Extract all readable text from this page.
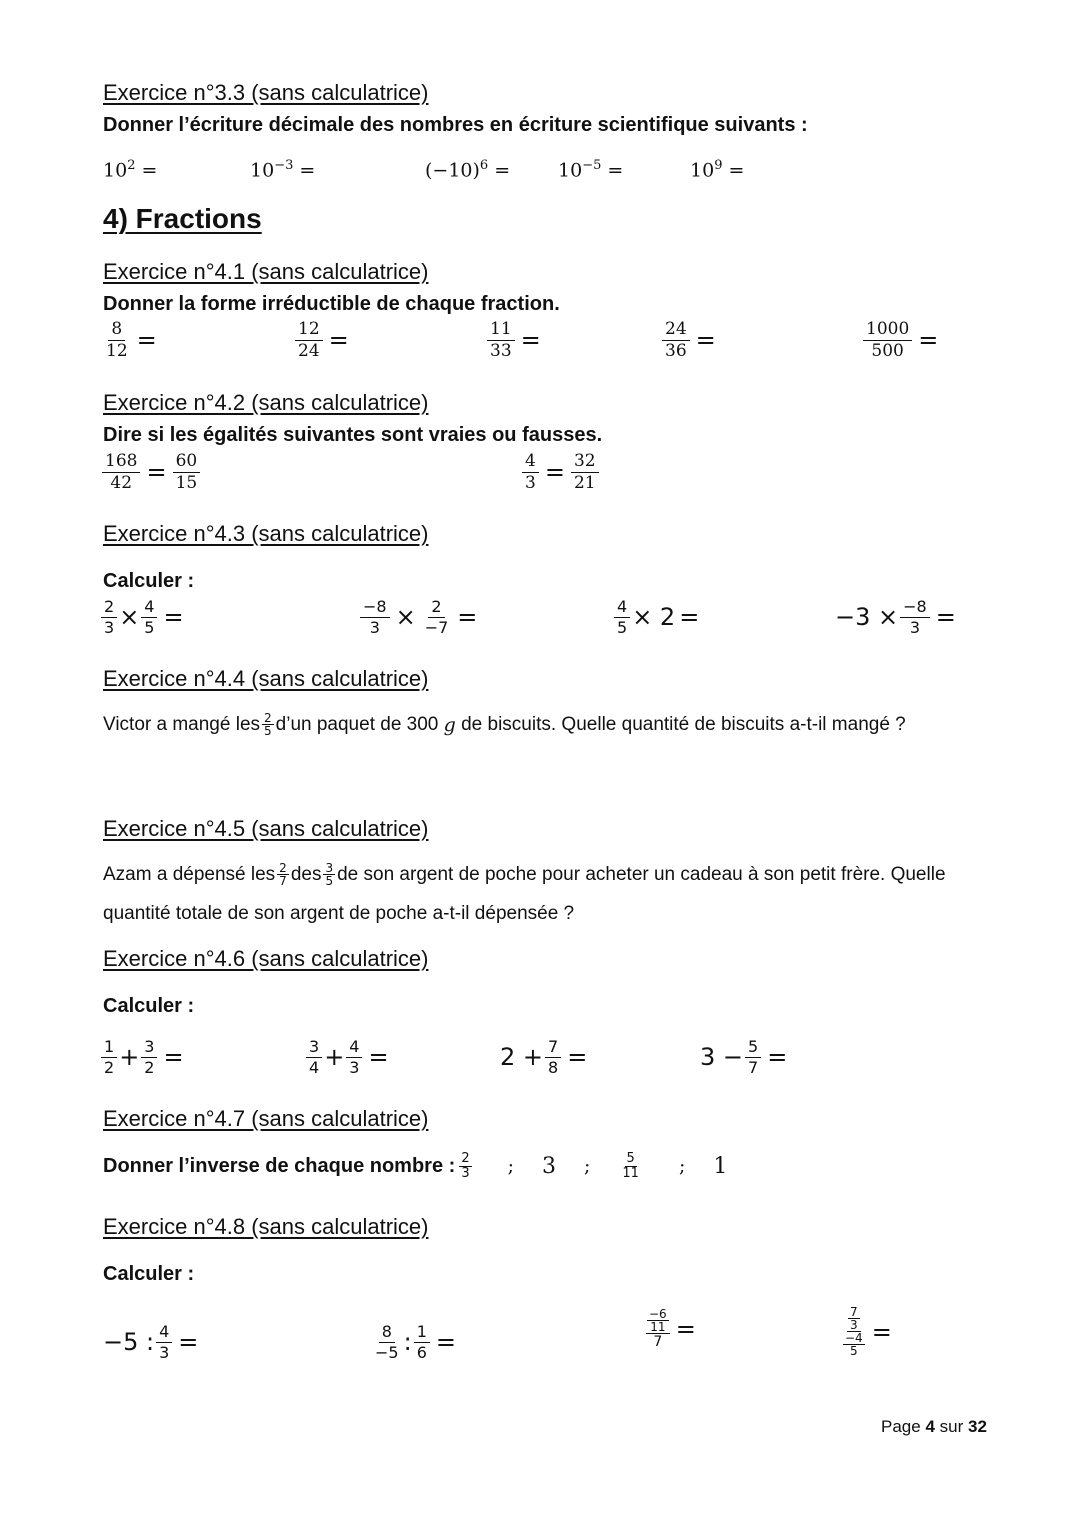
Exercice n°3.3 (sans calculatrice)
Donner l’écriture décimale des nombres en écriture scientifique suivants :
$10^2$ =	$10^{-3}$ =	$(-10)^6$ =	$10^{-5}$ =	$10^9$ =
4) Fractions
Exercice n°4.1 (sans calculatrice)
Donner la forme irréductible de chaque fraction.
$\frac{8}{12}$ =	$\frac{12}{24}$ =	$\frac{11}{33}$ =	$\frac{24}{36}$ =	$\frac{1000}{500}$ =
Exercice n°4.2 (sans calculatrice)
Dire si les égalités suivantes sont vraies ou fausses.
$\frac{168}{42} = \frac{60}{15}$	$\frac{4}{3} = \frac{32}{21}$
Exercice n°4.3 (sans calculatrice)
Calculer :
$\frac{2}{3} \times \frac{4}{5}$ =	$\frac{-8}{3} \times \frac{2}{-7}$ =	$\frac{4}{5} \times 2$ =	$-3 \times \frac{-8}{3}$ =
Exercice n°4.4 (sans calculatrice)
Victor a mangé les $\frac{2}{5}$ d’un paquet de 300
g
de biscuits. Quelle quantité de biscuits a-t-il mangé ?
Exercice n°4.5 (sans calculatrice)
Azam a dépensé les $\frac{2}{7}$ des $\frac{3}{5}$ de son argent de poche pour acheter un cadeau à son petit frère. Quelle
quantité totale de son argent de poche a-t-il dépensée ?
Exercice n°4.6 (sans calculatrice)
Calculer :
$\frac{1}{2} + \frac{3}{2}$ =	$\frac{3}{4} + \frac{4}{3}$ =	$2 + \frac{7}{8}$ =	$3 - \frac{5}{7}$ =
Exercice n°4.7 (sans calculatrice)
Donner l’inverse de chaque nombre : $\frac{2}{3}$ ; 3 ; $\frac{5}{11}$ ; 1
Exercice n°4.8 (sans calculatrice)
Calculer :
−5 : $\frac{4}{3}$ =	$\frac{8}{-5}$ : $\frac{1}{6}$ =	$\frac{\frac{-6}{11}}{7}$ =	$\frac{\frac{7}{3}}{\frac{-4}{5}}$ =
Page 4 sur 32
